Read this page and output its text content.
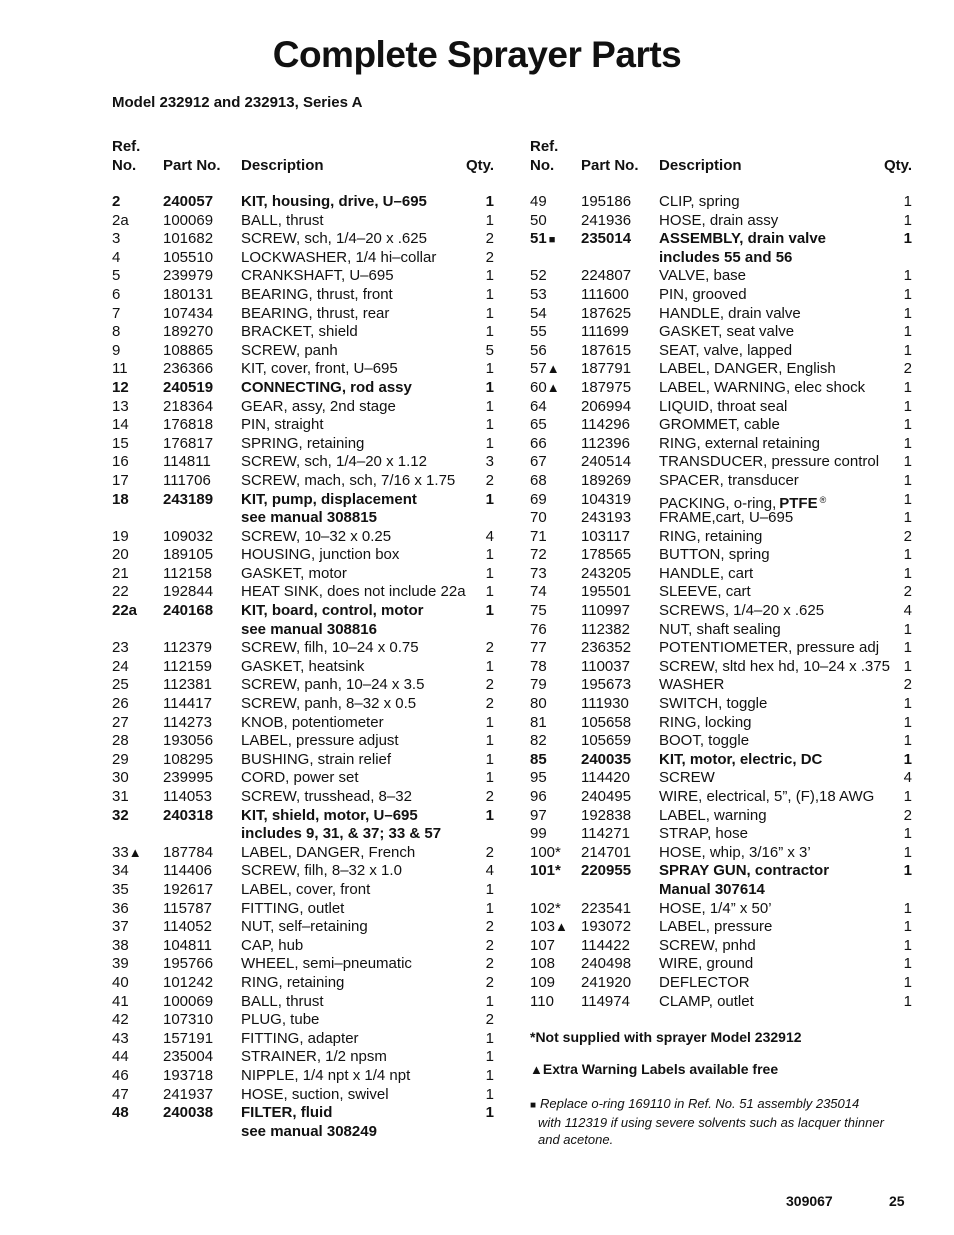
Complete Sprayer Parts
Model 232912 and 232913, Series A
Ref.
No. Part No. Description	Qty.
2	240057 KIT, housing, drive, U–695	1
2a 100069 BALL, thrust	1
3	101682 SCREW, sch, 1/4–20 x .625	2
4	105510 LOCKWASHER, 1/4 hi–collar	2
5	239979 CRANKSHAFT, U–695	1
6	180131 BEARING, thrust, front	1
7	107434 BEARING, thrust, rear	1
8	189270 BRACKET, shield	1
9	108865 SCREW, panh	5
11 236366 KIT, cover, front, U–695	1
12 240519 CONNECTING, rod assy	1
13 218364 GEAR, assy, 2nd stage	1
14 176818 PIN, straight	1
15 176817 SPRING, retaining	1
16 114811 SCREW, sch, 1/4–20 x 1.12	3
17 111706 SCREW, mach, sch, 7/16 x 1.75 2
18 243189 KIT, pump, displacement	1
see manual 308815
19 109032 SCREW, 10–32 x 0.25	4
20 189105 HOUSING, junction box	1
21 112158 GASKET, motor	1
22 192844 HEAT SINK, does not include 22a 1
22a 240168 KIT, board, control, motor	1
see manual 308816
23 112379 SCREW, filh, 10–24 x 0.75	2
24 112159 GASKET, heatsink	1
25 112381 SCREW, panh, 10–24 x 3.5	2
26 114417 SCREW, panh, 8–32 x 0.5	2
27 114273 KNOB, potentiometer	1
28 193056 LABEL, pressure adjust	1
29 108295 BUSHING, strain relief	1
30 239995 CORD, power set	1
31 114053 SCREW, trusshead, 8–32	2
32 240318 KIT, shield, motor, U–695	1
includes 9, 31, & 37; 33 & 57
33▲ 187784 LABEL, DANGER, French	2
34 114406 SCREW, filh, 8–32 x 1.0	4
35 192617 LABEL, cover, front	1
36 115787 FITTING, outlet	1
37 114052 NUT, self–retaining	2
38 104811 CAP, hub	2
39 195766 WHEEL, semi–pneumatic	2
40 101242 RING, retaining	2
41 100069 BALL, thrust	1
42 107310 PLUG, tube	2
43 157191 FITTING, adapter	1
44 235004 STRAINER, 1/2 npsm	1
46 193718 NIPPLE, 1/4 npt x 1/4 npt	1
47 241937 HOSE, suction, swivel	1
48 240038 FILTER, fluid	1
see manual 308249
Ref.
No. Part No. Description	Qty.
49 195186 CLIP, spring	1
50 241936 HOSE, drain assy	1
51 ■ 235014 ASSEMBLY, drain valve	1
includes 55 and 56
52 224807 VALVE, base	1
53 111600 PIN, grooved	1
54 187625 HANDLE, drain valve	1
55 111699 GASKET, seat valve	1
56 187615 SEAT, valve, lapped	1
57▲ 187791 LABEL, DANGER, English	2
60▲ 187975 LABEL, WARNING, elec shock	1
64 206994 LIQUID, throat seal	1
65 114296 GROMMET, cable	1
66 112396 RING, external retaining	1
67 240514 TRANSDUCER, pressure control 1
68 189269 SPACER, transducer	1
69 104319 PACKING, o-ring, PTFE ®	1
70 243193 FRAME,cart, U–695	1
71 103117 RING, retaining	2
72 178565 BUTTON, spring	1
73 243205 HANDLE, cart	1
74 195501 SLEEVE, cart	2
75 110997 SCREWS, 1/4–20 x .625	4
76 112382 NUT, shaft sealing	1
77 236352 POTENTIOMETER, pressure adj 1
78 110037 SCREW, sltd hex hd, 10–24 x .375 1
79 195673 WASHER	2
80 111930 SWITCH, toggle	1
81 105658 RING, locking	1
82 105659 BOOT, toggle	1
85 240035 KIT, motor, electric, DC	1
95 114420 SCREW	4
96 240495 WIRE, electrical, 5”, (F),18 AWG 1
97 192838 LABEL, warning	2
99 114271 STRAP, hose	1
100* 214701 HOSE, whip, 3/16” x 3’	1
101* 220955 SPRAY GUN, contractor	1
Manual 307614
102* 223541 HOSE, 1/4” x 50’	1
103▲ 193072 LABEL, pressure	1
107 114422 SCREW, pnhd	1
108 240498 WIRE, ground	1
109 241920 DEFLECTOR	1
110 114974 CLAMP, outlet	1
*Not supplied with sprayer Model 232912
▲Extra Warning Labels available free
■ Replace o-ring 169110 in Ref. No. 51 assembly 235014
with 112319 if using severe solvents such as lacquer thinner
and acetone.
309067	25
